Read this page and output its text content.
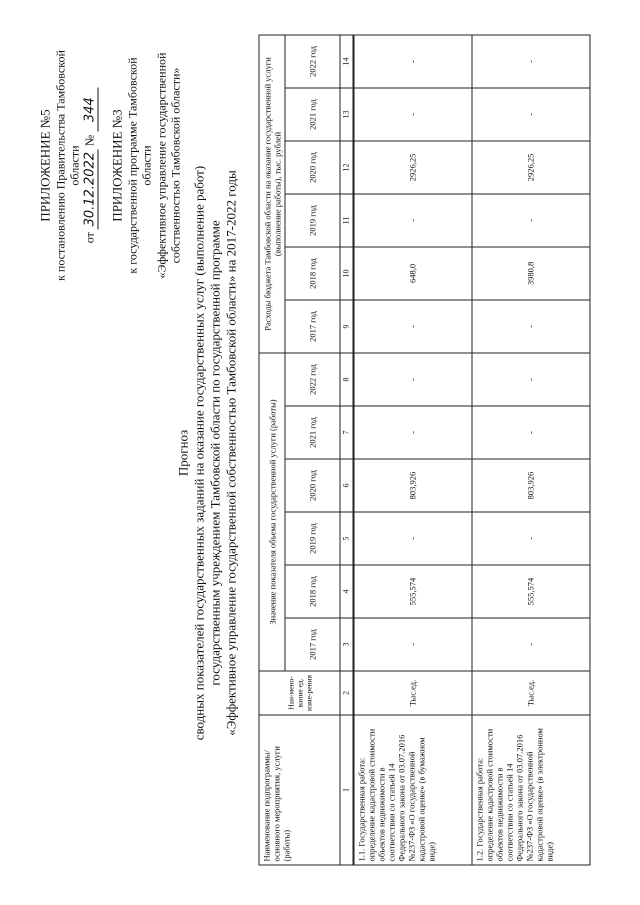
ПРИЛОЖЕНИЕ №5 к постановлению Правительства Тамбовской области
от 30.12.2022 № 344 ПРИЛОЖЕНИЕ №3 к государственной программе Тамбовской области «Эффективное управление государственной собственностью Тамбовской области»
Прогноз сводных показателей государственных заданий на оказание государственных услуг (выполнение работ) государственным учреждением Тамбовской области по государственной программе «Эффективное управление государственной собственностью Тамбовской области» на 2017-2022 годы
Наименование подпрограммы/основного мероприятия, услуги (работы)	Наи-мено-вание ед. изме-рения	Значение показателя объема государственной услуги (работы)						Расходы бюджета Тамбовской области на оказание государственной услуги (выполнение работы), тыс. рублей					
		2017 год	2018 год	2019 год	2020 год	2021 год	2022 год	2017 год	2018 год	2019 год	2020 год	2021 год	2022 год
1	2	3	4	5	6	7	8	9	10	11	12	13	14
1.1. Государственная работа: определение кадастровой стоимости объектов недвижимости в соответствии со статьей 14 Федерального закона от 03.07.2016 №237-ФЗ «О государственной кадастровой оценке» (в бумажном виде)	Тыс.ед.	-	555,574	-	803,926	-	-	-	648,0	-	2926,25	-	-
1.2. Государственная работа: определение кадастровой стоимости объектов недвижимости в соответствии со статьей 14 Федерального закона от 03.07.2016 №237-ФЗ «О государственной кадастровой оценке» (в электронном виде)	Тыс.ед.	-	555,574	-	803,926	-	-	-	3980,8	-	2926,25	-	-
